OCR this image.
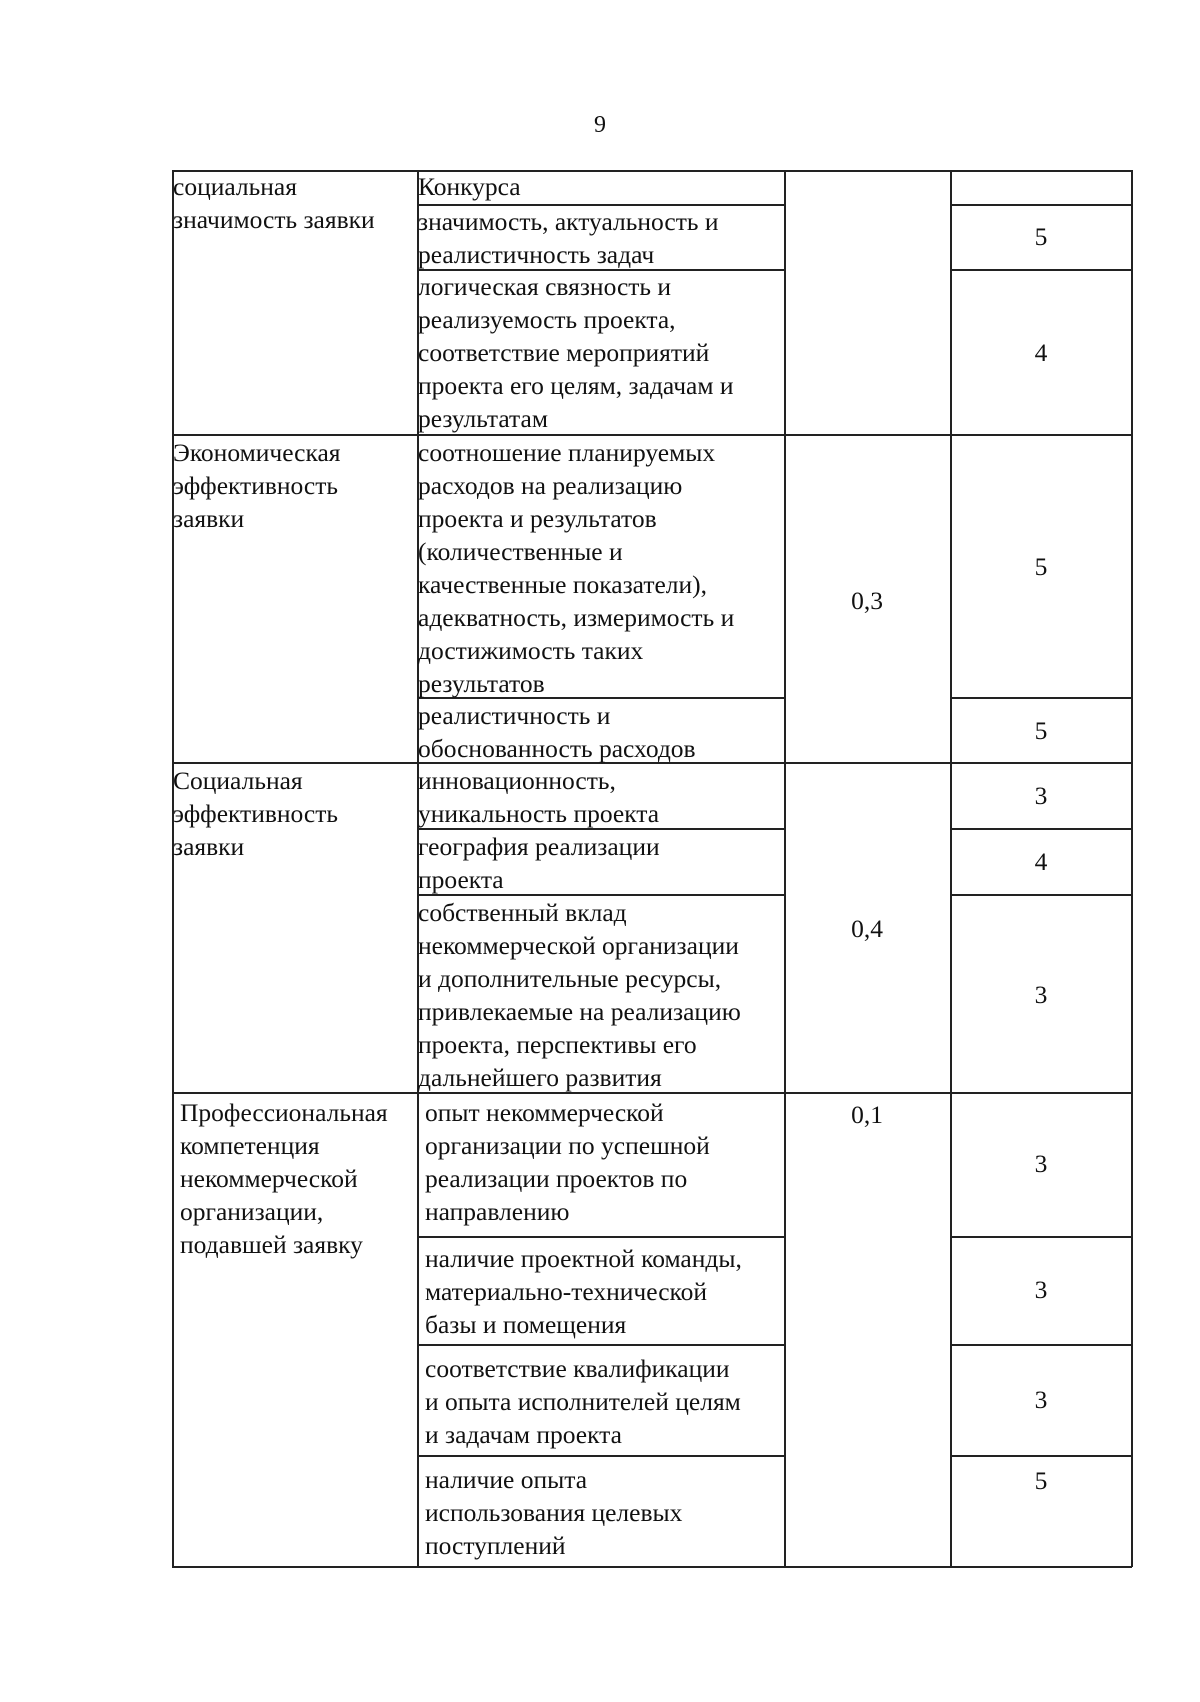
9
социальная
значимость заявки
Конкурса
значимость, актуальность и
реалистичность задач
5
логическая связность и
реализуемость проекта,
соответствие мероприятий
проекта его целям, задачам и
результатам
4
Экономическая
эффективность
заявки
соотношение планируемых
расходов на реализацию
проекта и результатов
(количественные и
качественные показатели),
адекватность, измеримость и
достижимость таких
результатов
5
0,3
реалистичность и
обоснованность расходов
5
Социальная
эффективность
заявки
инновационность,
уникальность проекта
3
география реализации
проекта
4
0,4
собственный вклад
некоммерческой организации
и дополнительные ресурсы,
привлекаемые на реализацию
проекта, перспективы его
дальнейшего развития
3
Профессиональная
компетенция
некоммерческой
организации,
подавшей заявку
0,1
опыт некоммерческой
организации по успешной
реализации проектов по
направлению
3
наличие проектной команды,
материально-технической
базы и помещения
3
соответствие квалификации
и опыта исполнителей целям
и задачам проекта
3
наличие опыта
использования целевых
поступлений
5
